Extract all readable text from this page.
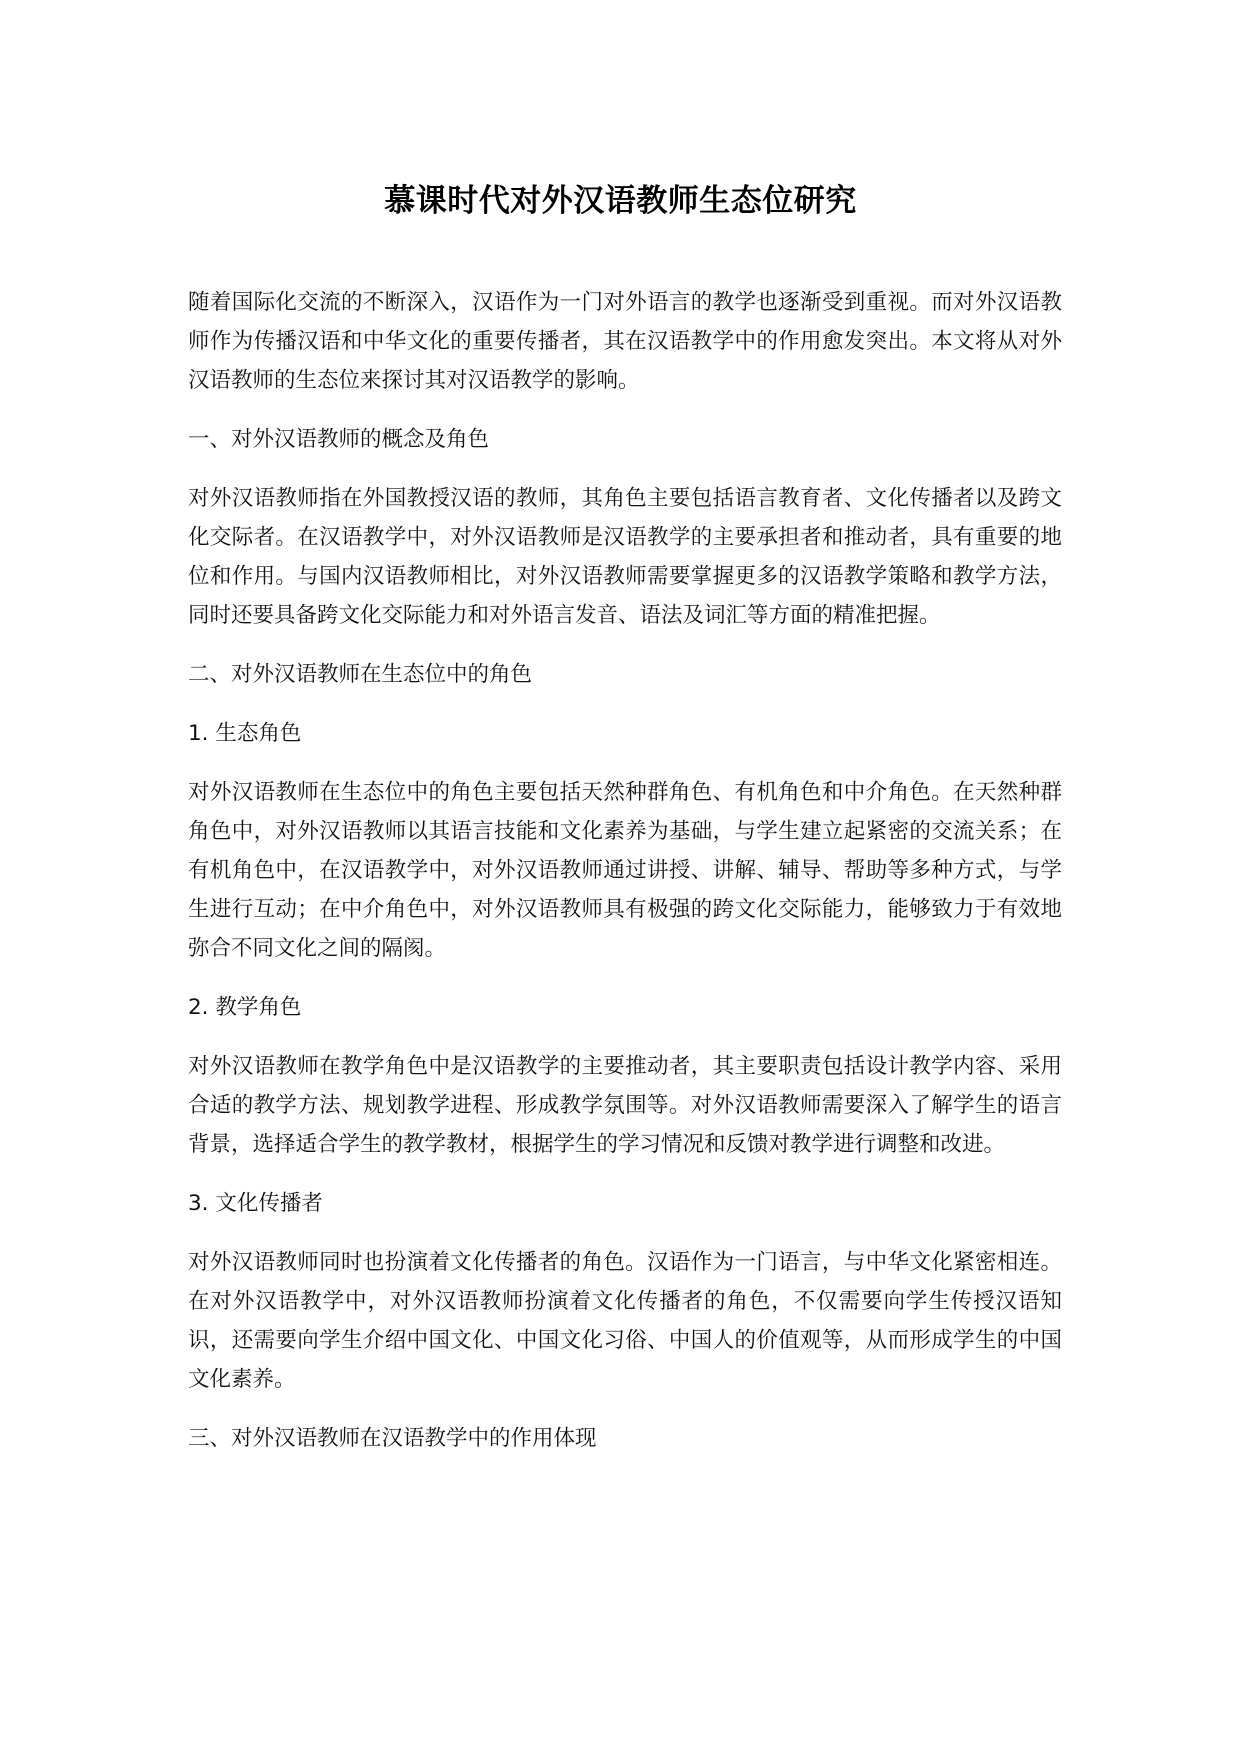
慕课时代对外汉语教师生态位研究

随着国际化交流的不断深入，汉语作为一门对外语言的教学也逐渐受到重视。而对外汉语教师作为传播汉语和中华文化的重要传播者，其在汉语教学中的作用愈发突出。本文将从对外汉语教师的生态位来探讨其对汉语教学的影响。

一、对外汉语教师的概念及角色

对外汉语教师指在外国教授汉语的教师，其角色主要包括语言教育者、文化传播者以及跨文化交际者。在汉语教学中，对外汉语教师是汉语教学的主要承担者和推动者，具有重要的地位和作用。与国内汉语教师相比，对外汉语教师需要掌握更多的汉语教学策略和教学方法，同时还要具备跨文化交际能力和对外语言发音、语法及词汇等方面的精准把握。

二、对外汉语教师在生态位中的角色

1. 生态角色

对外汉语教师在生态位中的角色主要包括天然种群角色、有机角色和中介角色。在天然种群角色中，对外汉语教师以其语言技能和文化素养为基础，与学生建立起紧密的交流关系；在有机角色中，在汉语教学中，对外汉语教师通过讲授、讲解、辅导、帮助等多种方式，与学生进行互动；在中介角色中，对外汉语教师具有极强的跨文化交际能力，能够致力于有效地弥合不同文化之间的隔阂。

2. 教学角色

对外汉语教师在教学角色中是汉语教学的主要推动者，其主要职责包括设计教学内容、采用合适的教学方法、规划教学进程、形成教学氛围等。对外汉语教师需要深入了解学生的语言背景，选择适合学生的教学教材，根据学生的学习情况和反馈对教学进行调整和改进。

3. 文化传播者

对外汉语教师同时也扮演着文化传播者的角色。汉语作为一门语言，与中华文化紧密相连。在对外汉语教学中，对外汉语教师扮演着文化传播者的角色，不仅需要向学生传授汉语知识，还需要向学生介绍中国文化、中国文化习俗、中国人的价值观等，从而形成学生的中国文化素养。

三、对外汉语教师在汉语教学中的作用体现
